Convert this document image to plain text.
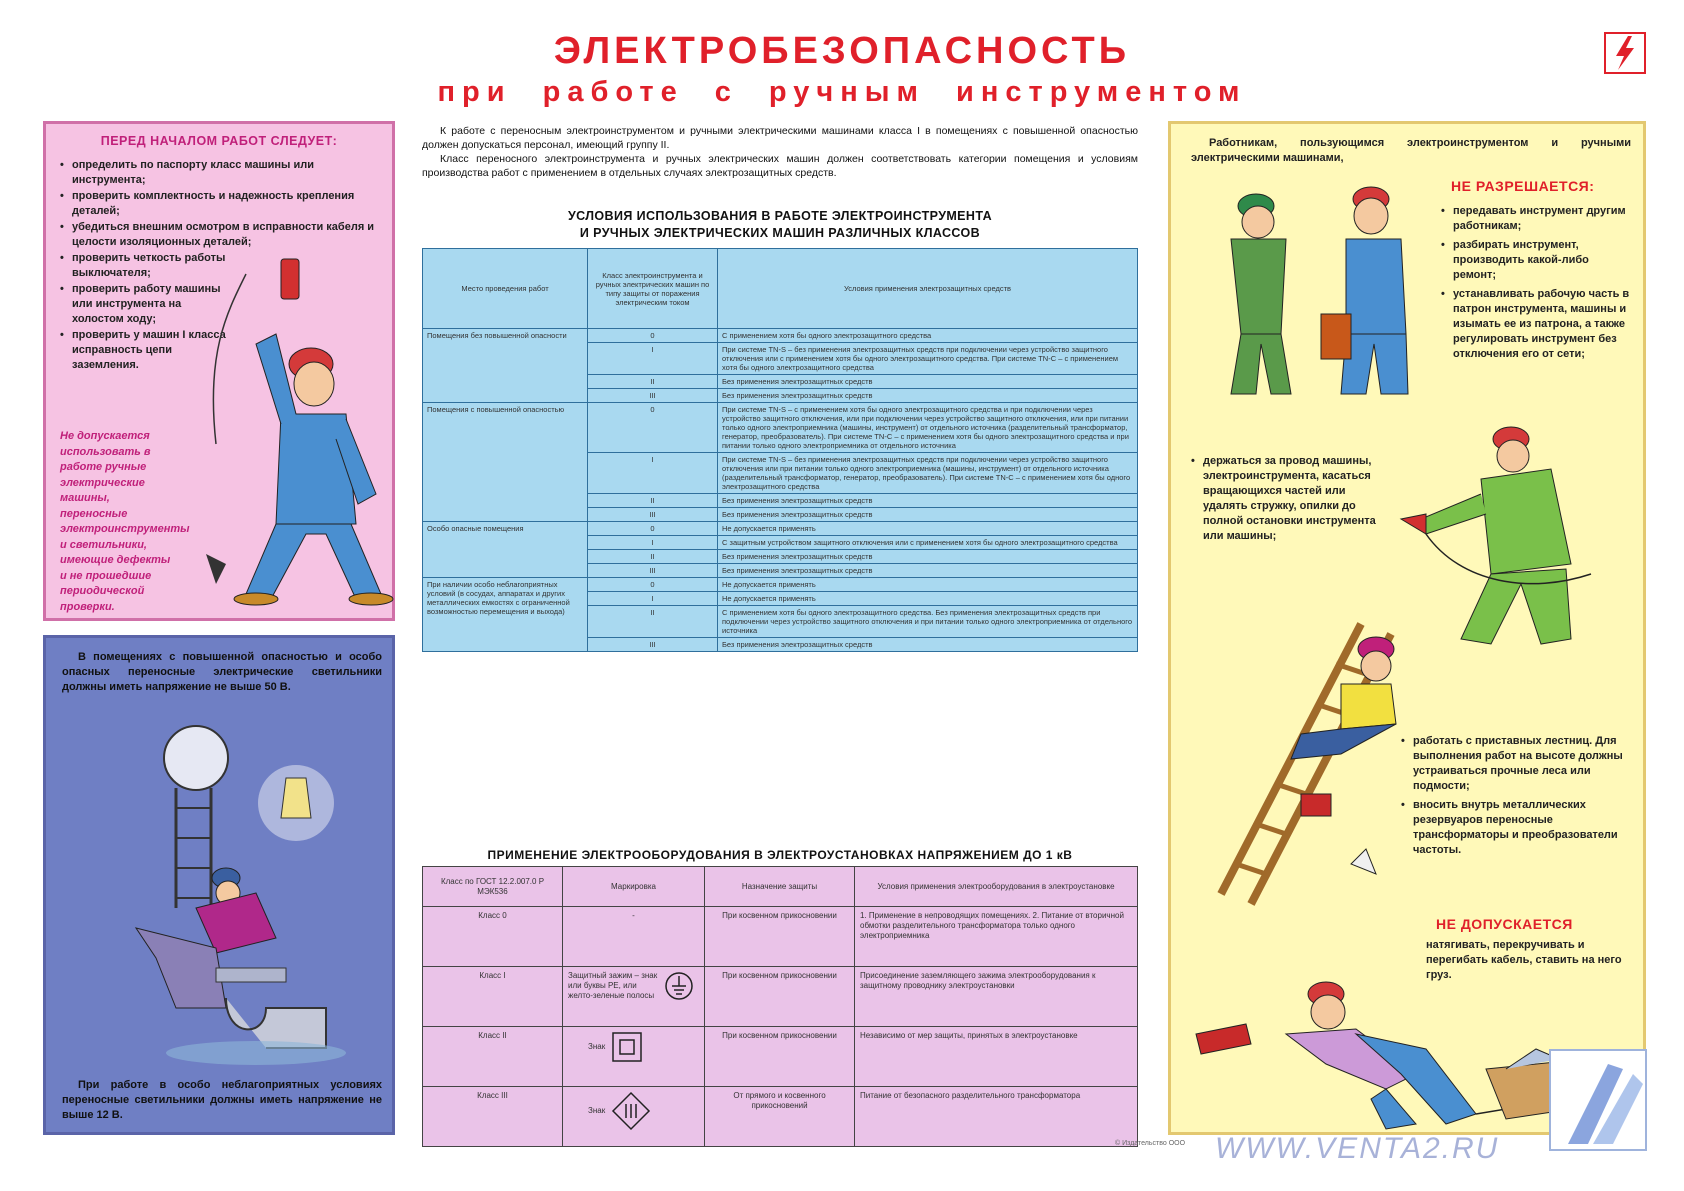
ЭЛЕКТРОБЕЗОПАСНОСТЬ
при работе с ручным инструментом
ПЕРЕД НАЧАЛОМ РАБОТ СЛЕДУЕТ:
• определить по паспорту класс машины или инструмента;
• проверить комплектность и надежность крепления деталей;
• убедиться внешним осмотром в исправности кабеля и целости изоляционных деталей;
• проверить четкость работы выключателя;
• проверить работу машины или инструмента на холостом ходу;
• проверить у машин I класса исправность цепи заземления.
Не допускается использовать в работе ручные электрические машины, переносные электроинструменты и светильники, имеющие дефекты и не прошедшие периодической проверки.
В помещениях с повышенной опасностью и особо опасных переносные электрические светильники должны иметь напряжение не выше 50 В.
При работе в особо неблагоприятных условиях переносные светильники должны иметь напряжение не выше 12 В.

К работе с переносным электроинструментом и ручными электрическими машинами класса I в помещениях с повышенной опасностью должен допускаться персонал, имеющий группу II.

Класс переносного электроинструмента и ручных электрических машин должен соответствовать категории помещения и условиям производства работ с применением в отдельных случаях электрозащитных средств.

УСЛОВИЯ ИСПОЛЬЗОВАНИЯ В РАБОТЕ ЭЛЕКТРОИНСТРУМЕНТА
И РУЧНЫХ ЭЛЕКТРИЧЕСКИХ МАШИН РАЗЛИЧНЫХ КЛАССОВ
Место проведения работ	Класс электроинструмента и ручных электрических машин по типу защиты от поражения электрическим током	Условия применения электрозащитных средств
Помещения без повышенной опасности	0	С применением хотя бы одного электрозащитного средства
	I	При системе TN-S – без применения электрозащитных средств при подключении через устройство защитного отключения или с применением хотя бы одного электрозащитного средства. При системе TN-C – с применением хотя бы одного электрозащитного средства
	II	Без применения электрозащитных средств
	III	Без применения электрозащитных средств
Помещения с повышенной опасностью	0	При системе TN-S – с применением хотя бы одного электрозащитного средства и при подключении через устройство защитного отключения, или при подключении через устройство защитного отключения, или при питании только одного электроприемника (машины, инструмент) от отдельного источника (разделительный трансформатор, генератор, преобразователь). При системе TN-C – с применением хотя бы одного электрозащитного средства и при питании только одного электроприемника от отдельного источника
	I	При системе TN-S – без применения электрозащитных средств при подключении через устройство защитного отключения или при питании только одного электроприемника (машины, инструмент) от отдельного источника (разделительный трансформатор, генератор, преобразователь). При системе TN-C – с применением хотя бы одного электрозащитного средства
	II	Без применения электрозащитных средств
	III	Без применения электрозащитных средств
Особо опасные помещения	0	Не допускается применять
	I	С защитным устройством защитного отключения или с применением хотя бы одного электрозащитного средства
	II	Без применения электрозащитных средств
	III	Без применения электрозащитных средств
При наличии особо неблагоприятных условий (в сосудах, аппаратах и других металлических емкостях с ограниченной возможностью перемещения и выхода)	0	Не допускается применять
	I	Не допускается применять
	II	С применением хотя бы одного электрозащитного средства. Без применения электрозащитных средств при подключении через устройство защитного отключения и при питании только одного электроприемника от отдельного источника
	III	Без применения электрозащитных средств
ПРИМЕНЕНИЕ ЭЛЕКТРООБОРУДОВАНИЯ В ЭЛЕКТРОУСТАНОВКАХ НАПРЯЖЕНИЕМ ДО 1 кВ
Класс по ГОСТ 12.2.007.0 Р МЭК536	Маркировка	Назначение защиты	Условия применения электрооборудования в электроустановке
Класс 0	-	При косвенном прикосновении	1. Применение в непроводящих помещениях. 2. Питание от вторичной обмотки разделительного трансформатора только одного электроприемника
Класс I	Защитный зажим – знак или буквы PE, или желто-зеленые полосы	При косвенном прикосновении	Присоединение заземляющего зажима электрооборудования к защитному проводнику электроустановки
Класс II	Знак	При косвенном прикосновении	Независимо от мер защиты, принятых в электроустановке
Класс III	Знак	От прямого и косвенного прикосновений	Питание от безопасного разделительного трансформатора
Работникам, пользующимся электроинструментом и ручными электрическими машинами,
НЕ РАЗРЕШАЕТСЯ:
• передавать инструмент другим работникам;
• разбирать инструмент, производить какой-либо ремонт;
• устанавливать рабочую часть в патрон инструмента, машины и изымать ее из патрона, а также регулировать инструмент без отключения его от сети;
• держаться за провод машины, электроинструмента, касаться вращающихся частей или удалять стружку, опилки до полной остановки инструмента или машины;
• работать с приставных лестниц. Для выполнения работ на высоте должны устраиваться прочные леса или подмости;
• вносить внутрь металлических резервуаров переносные трансформаторы и преобразователи частоты.
НЕ ДОПУСКАЕТСЯ
натягивать, перекручивать и перегибать кабель, ставить на него груз.
© Издательство ООО WWW.VENTA2.RU
